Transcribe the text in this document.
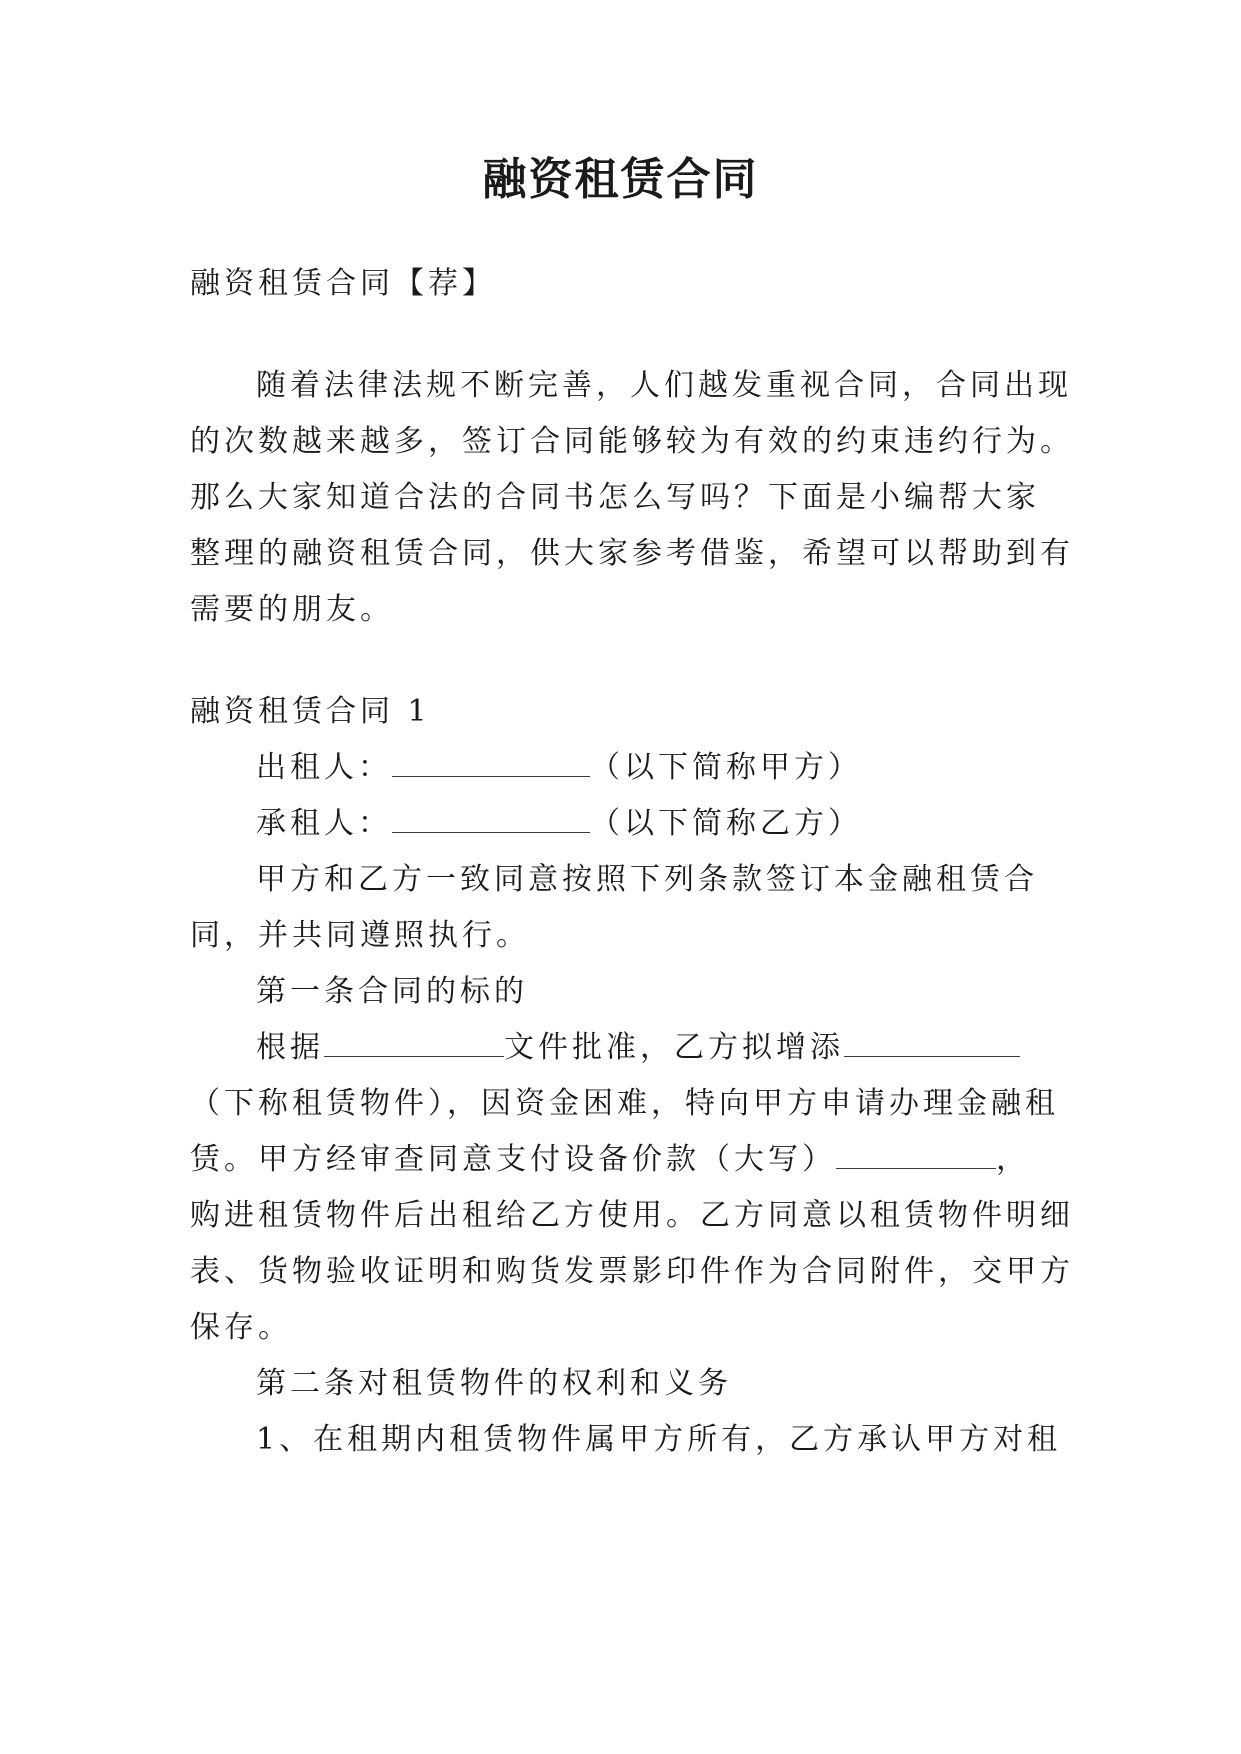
融资租赁合同
融资租赁合同【荐】
随着法律法规不断完善，人们越发重视合同，合同出现
的次数越来越多，签订合同能够较为有效的约束违约行为。
那么大家知道合法的合同书怎么写吗？下面是小编帮大家
整理的融资租赁合同，供大家参考借鉴，希望可以帮助到有
需要的朋友。
融资租赁合同 1
出租人：	（以下简称甲方）
承租人：	（以下简称乙方）
甲方和乙方一致同意按照下列条款签订本金融租赁合
同，并共同遵照执行。
第一条合同的标的
根据	文件批准，乙方拟增添
（下称租赁物件），因资金困难，特向甲方申请办理金融租
赁。甲方经审查同意支付设备价款（大写）	，
购进租赁物件后出租给乙方使用。乙方同意以租赁物件明细
表、货物验收证明和购货发票影印件作为合同附件，交甲方
保存。
第二条对租赁物件的权利和义务
1、在租期内租赁物件属甲方所有，乙方承认甲方对租
